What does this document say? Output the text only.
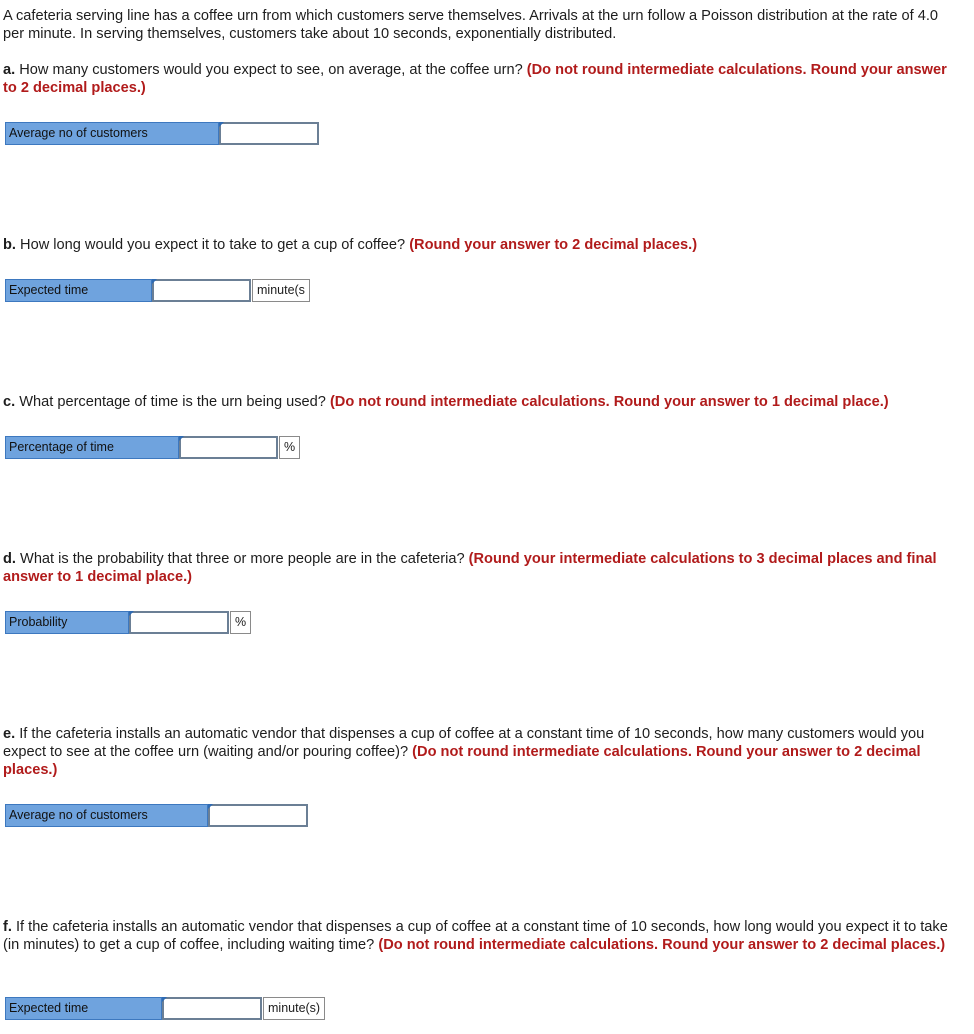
A cafeteria serving line has a coffee urn from which customers serve themselves. Arrivals at the urn follow a Poisson distribution at the rate of 4.0 per minute. In serving themselves, customers take about 10 seconds, exponentially distributed.
a. How many customers would you expect to see, on average, at the coffee urn? (Do not round intermediate calculations. Round your answer to 2 decimal places.)
Average no of customers
b. How long would you expect it to take to get a cup of coffee? (Round your answer to 2 decimal places.)
Expected time	minute(s
c. What percentage of time is the urn being used? (Do not round intermediate calculations. Round your answer to 1 decimal place.)
Percentage of time	%
d. What is the probability that three or more people are in the cafeteria? (Round your intermediate calculations to 3 decimal places and final answer to 1 decimal place.)
Probability	%
e. If the cafeteria installs an automatic vendor that dispenses a cup of coffee at a constant time of 10 seconds, how many customers would you expect to see at the coffee urn (waiting and/or pouring coffee)? (Do not round intermediate calculations. Round your answer to 2 decimal places.)
Average no of customers
f. If the cafeteria installs an automatic vendor that dispenses a cup of coffee at a constant time of 10 seconds, how long would you expect it to take (in minutes) to get a cup of coffee, including waiting time? (Do not round intermediate calculations. Round your answer to 2 decimal places.)
Expected time	minute(s)
